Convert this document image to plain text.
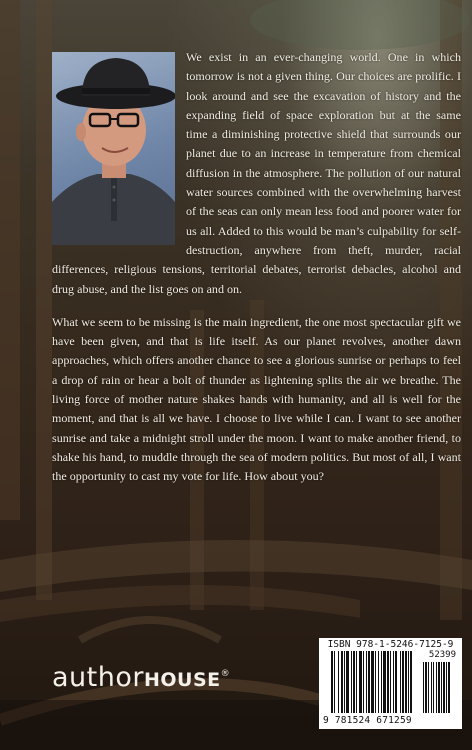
We exist in an ever-changing world. One in which tomorrow is not a given thing. Our choices are prolific. I look around and see the excavation of history and the expanding field of space exploration but at the same time a diminishing protective shield that surrounds our planet due to an increase in temperature from chemical diffusion in the atmosphere. The pollution of our natural water sources combined with the overwhelming harvest of the seas can only mean less food and poorer water for us all. Added to this would be man’s culpability for self-destruction, anywhere from theft, murder, racial differences, religious tensions, territorial debates, terrorist debacles, alcohol and drug abuse, and the list goes on and on.

What we seem to be missing is the main ingredient, the one most spectacular gift we have been given, and that is life itself. As our planet revolves, another dawn approaches, which offers another chance to see a glorious sunrise or perhaps to feel a drop of rain or hear a bolt of thunder as lightening splits the air we breathe. The living force of mother nature shakes hands with humanity, and all is well for the moment, and that is all we have. I choose to live while I can. I want to see another sunrise and take a midnight stroll under the moon. I want to make another friend, to shake his hand, to muddle through the sea of modern politics. But most of all, I want the opportunity to cast my vote for life. How about you?

authorHOUSE®
ISBN 978-1-5246-7125-9
52399
9 781524 671259
